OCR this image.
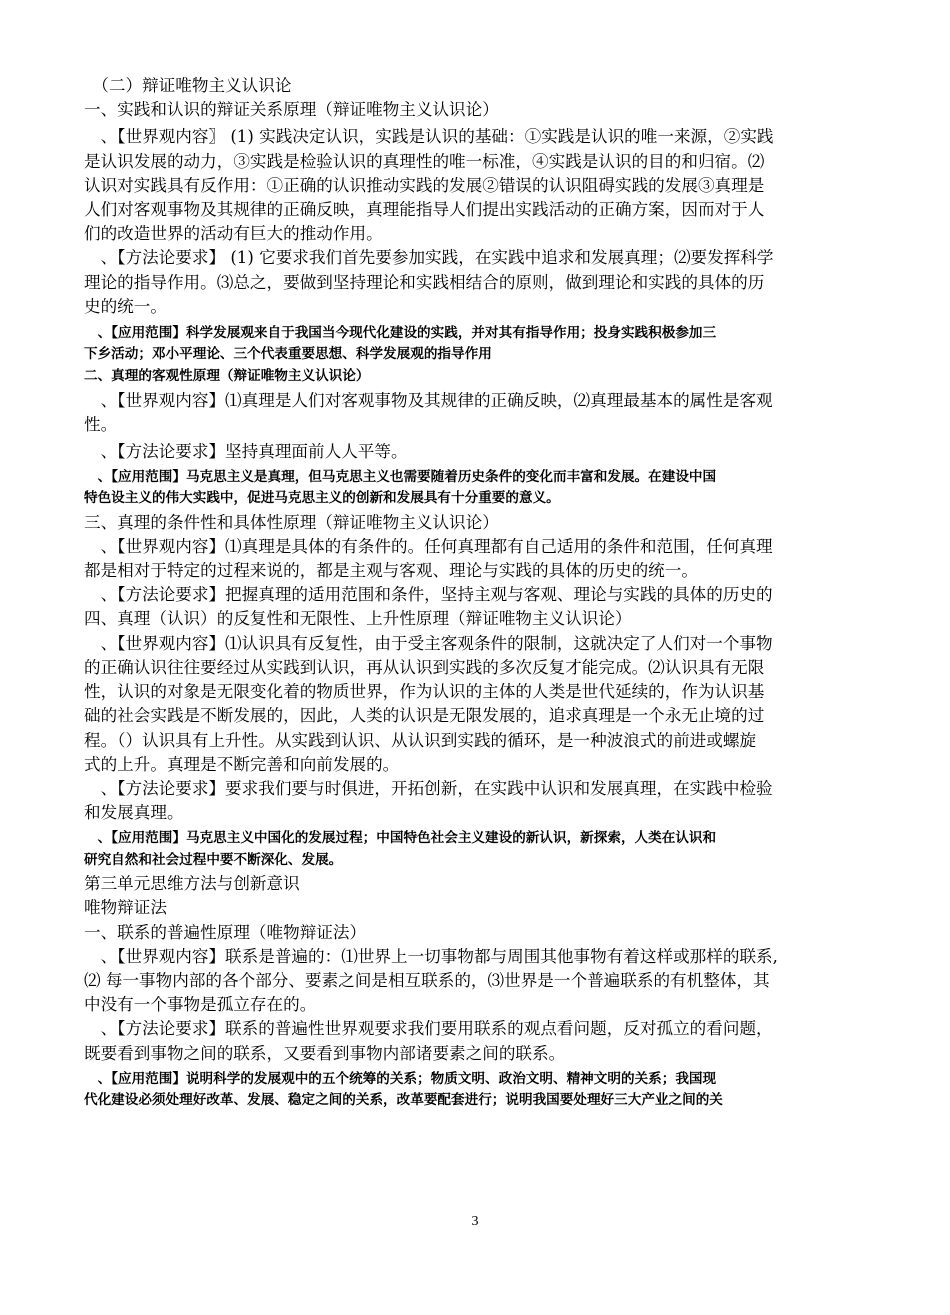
　（二）辩证唯物主义认识论
一、实践和认识的辩证关系原理（辩证唯物主义认识论）
　、【世界观内容〗 (1) 实践决定认识，实践是认识的基础：①实践是认识的唯一来源，②实践
是认识发展的动力，③实践是检验认识的真理性的唯一标准，④实践是认识的目的和归宿。⑵
认识对实践具有反作用：①正确的认识推动实践的发展②错误的认识阻碍实践的发展③真理是
人们对客观事物及其规律的正确反映，真理能指导人们提出实践活动的正确方案，因而对于人
们的改造世界的活动有巨大的推动作用。
　、【方法论要求】 (1) 它要求我们首先要参加实践，在实践中追求和发展真理；⑵要发挥科学
理论的指导作用。⑶总之，要做到坚持理论和实践相结合的原则，做到理论和实践的具体的历
史的统一。
　、【应用范围】科学发展观来自于我国当今现代化建设的实践，并对其有指导作用；投身实践积极参加三
下乡活动；邓小平理论、三个代表重要思想、科学发展观的指导作用
二、真理的客观性原理（辩证唯物主义认识论）
　、【世界观内容】⑴真理是人们对客观事物及其规律的正确反映，⑵真理最基本的属性是客观
性。
　、【方法论要求】坚持真理面前人人平等。
　、【应用范围】马克思主义是真理，但马克思主义也需要随着历史条件的变化而丰富和发展。在建设中国
特色设主义的伟大实践中，促进马克思主义的创新和发展具有十分重要的意义。
三、真理的条件性和具体性原理（辩证唯物主义认识论）
　、【世界观内容】⑴真理是具体的有条件的。任何真理都有自己适用的条件和范围，任何真理
都是相对于特定的过程来说的，都是主观与客观、理论与实践的具体的历史的统一。
　、【方法论要求】把握真理的适用范围和条件，坚持主观与客观、理论与实践的具体的历史的
四、真理（认识）的反复性和无限性、上升性原理（辩证唯物主义认识论）
　、【世界观内容】⑴认识具有反复性，由于受主客观条件的限制，这就决定了人们对一个事物
的正确认识往往要经过从实践到认识，再从认识到实践的多次反复才能完成。⑵认识具有无限
性，认识的对象是无限变化着的物质世界，作为认识的主体的人类是世代延续的，作为认识基
础的社会实践是不断发展的，因此，人类的认识是无限发展的，追求真理是一个永无止境的过
程。（）认识具有上升性。从实践到认识、从认识到实践的循环，是一种波浪式的前进或螺旋
式的上升。真理是不断完善和向前发展的。
　、【方法论要求】要求我们要与时俱进，开拓创新，在实践中认识和发展真理，在实践中检验
和发展真理。
　、【应用范围】马克思主义中国化的发展过程；中国特色社会主义建设的新认识，新探索，人类在认识和
研究自然和社会过程中要不断深化、发展。
第三单元思维方法与创新意识
唯物辩证法
一、联系的普遍性原理（唯物辩证法）
　、【世界观内容】联系是普遍的：⑴世界上一切事物都与周围其他事物有着这样或那样的联系,
⑵ 每一事物内部的各个部分、要素之间是相互联系的，⑶世界是一个普遍联系的有机整体，其
中没有一个事物是孤立存在的。
　、【方法论要求】联系的普遍性世界观要求我们要用联系的观点看问题，反对孤立的看问题，
既要看到事物之间的联系，又要看到事物内部诸要素之间的联系。
　、【应用范围】说明科学的发展观中的五个统筹的关系；物质文明、政治文明、精神文明的关系；我国现
代化建设必须处理好改革、发展、稳定之间的关系，改革要配套进行；说明我国要处理好三大产业之间的关
3
